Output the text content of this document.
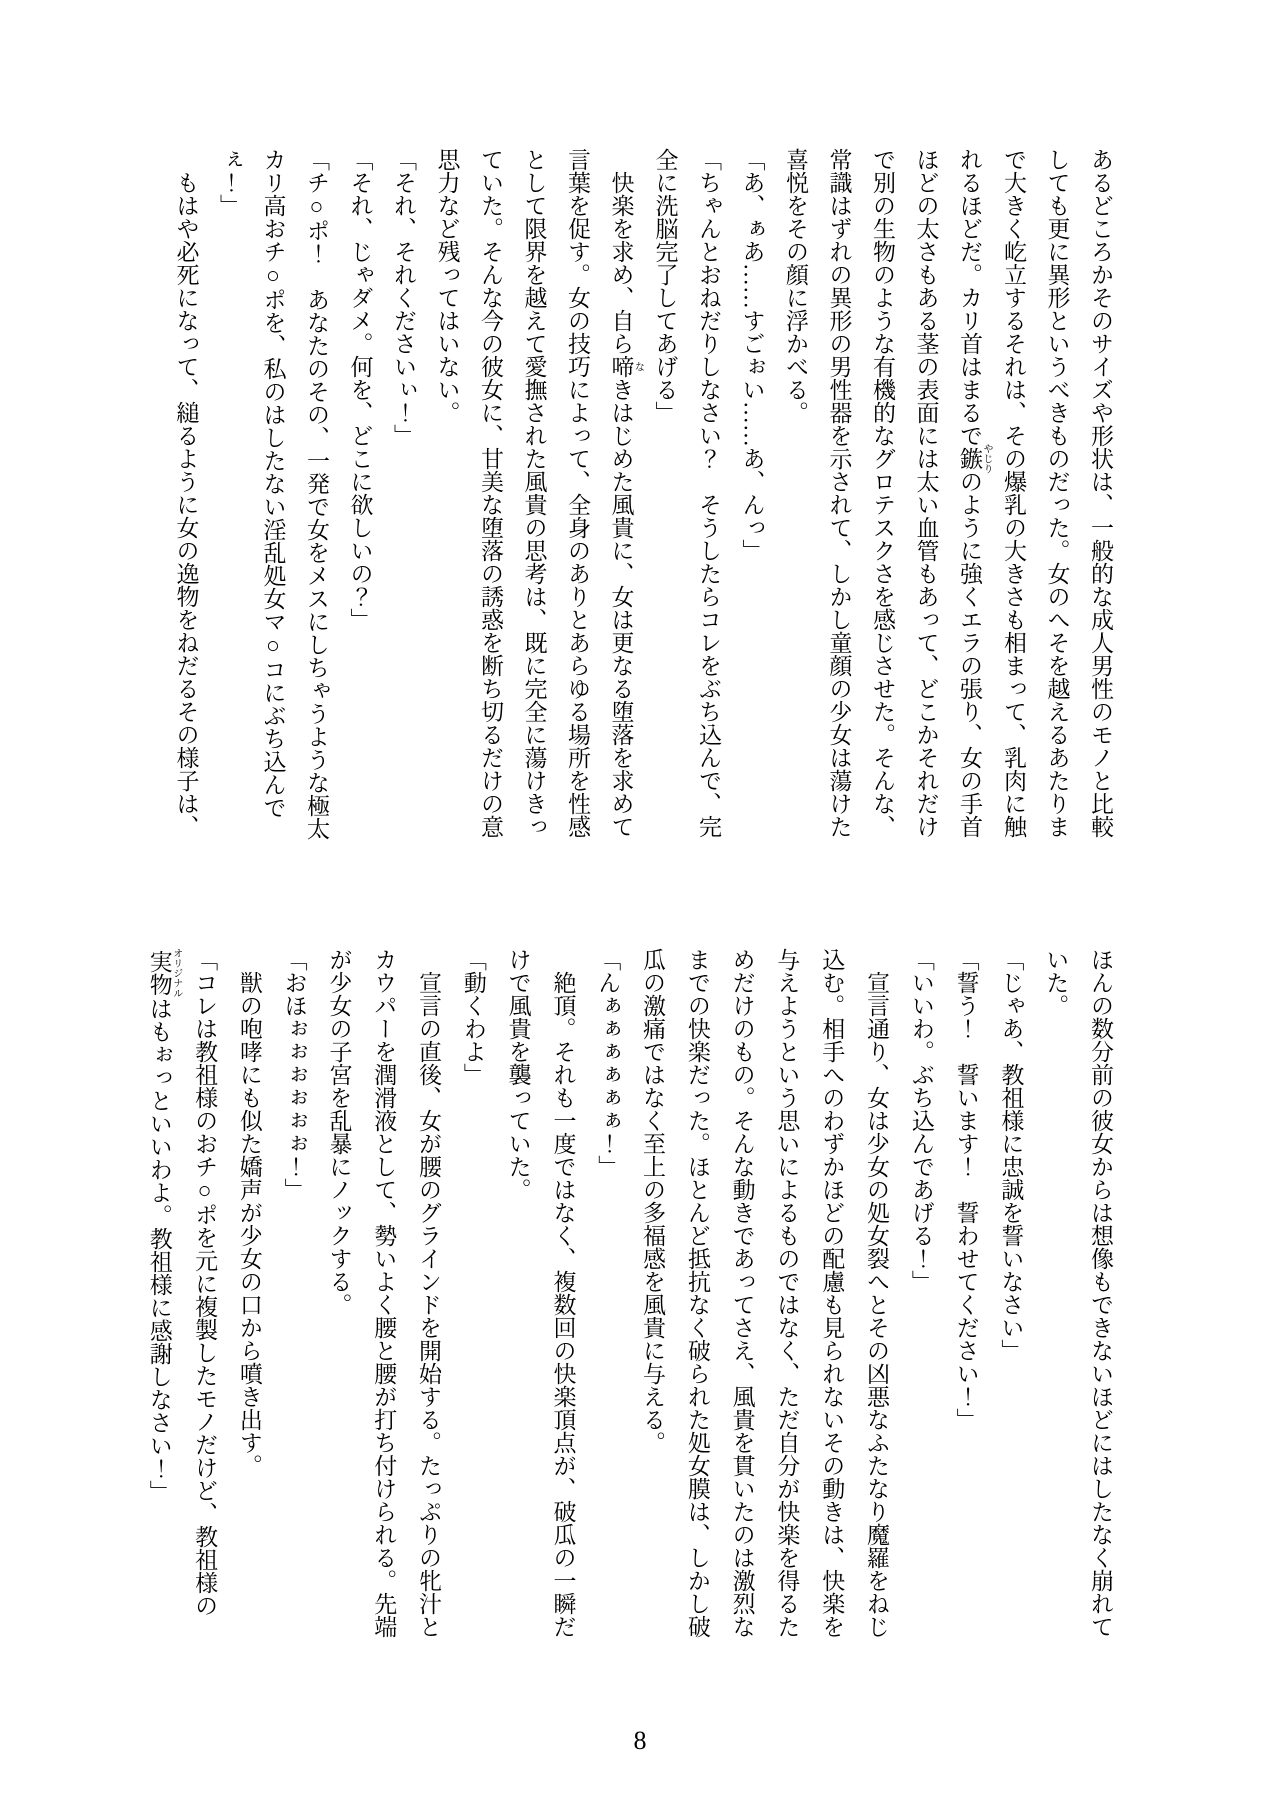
あるどころかそのサイズや形状は、一般的な成人男性のモノと比較
しても更に異形というべきものだった。女のへそを越えるあたりま
で大きく屹立するそれは、その爆乳の大きさも相まって、乳肉に触
れるほどだ。カリ首はまるで鏃 やじりのように強くエラの張り、女の手首
ほどの太さもある茎の表面には太い血管もあって、どこかそれだけ
で別の生物のような有機的なグロテスクさを感じさせた。そんな、
常識はずれの異形の男性器を示されて、しかし童顔の少女は蕩けた
喜悦をその顔に浮かべる。
「あ、ぁあ……すごぉい……あ、んっ」
「ちゃんとおねだりしなさい？　そうしたらコレをぶち込んで、完
全に洗脳完了してあげる」
快楽を求め、自ら啼 なきはじめた風貴に、女は更なる堕落を求めて
言葉を促す。女の技巧によって、全身のありとあらゆる場所を性感
として限界を越えて愛撫された風貴の思考は、既に完全に蕩けきっ
ていた。そんな今の彼女に、甘美な堕落の誘惑を断ち切るだけの意
思力など残ってはいない。
「それ、それくださいぃ！」
「それ、じゃダメ。何を、どこに欲しいの？」
「チ○ポ！　あなたのその、一発で女をメスにしちゃうような極太
カリ高おチ○ポを、私のはしたない淫乱処女マ○コにぶち込んで
ぇ！」
もはや必死になって、縋るように女の逸物をねだるその様子は、
ほんの数分前の彼女からは想像もできないほどにはしたなく崩れて
いた。
「じゃあ、教祖様に忠誠を誓いなさい」
「誓う！　誓います！　誓わせてください！」
「いいわ。ぶち込んであげる！」
宣言通り、女は少女の処女裂へとその凶悪なふたなり魔羅をねじ
込む。相手へのわずかほどの配慮も見られないその動きは、快楽を
与えようという思いによるものではなく、ただ自分が快楽を得るた
めだけのもの。そんな動きであってさえ、風貴を貫いたのは激烈な
までの快楽だった。ほとんど抵抗なく破られた処女膜は、しかし破
瓜の激痛ではなく至上の多福感を風貴に与える。
「んぁぁぁぁぁぁ！」
絶頂。それも一度ではなく、複数回の快楽頂点が、破瓜の一瞬だ
けで風貴を襲っていた。
「動くわよ」
宣言の直後、女が腰のグラインドを開始する。たっぷりの牝汁と
カウパーを潤滑液として、勢いよく腰と腰が打ち付けられる。先端
が少女の子宮を乱暴にノックする。
「おほぉぉぉぉぉぉ！」
獣の咆哮にも似た嬌声が少女の口から噴き出す。
「コレは教祖様のおチ○ポを元に複製したモノだけど、教祖様の
実物 オリジナルはもぉっといいわよ。教祖様に感謝しなさい！」
8
